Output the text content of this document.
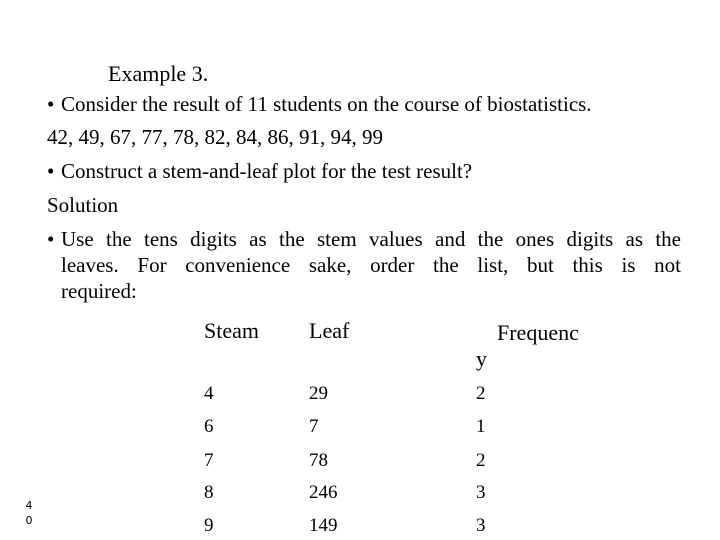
Example 3.
• Consider the result of 11 students on the course of biostatistics.
42, 49, 67, 77, 78, 82, 84, 86, 91, 94, 99
• Construct a stem-and-leaf plot for the test result?
Solution
• Use the tens digits as the stem values and the ones digits as the
leaves. For convenience sake, order the list, but this is not
required:
Steam Leaf	Frequenc
y
4	29	2
6	7	1
7	78	2
8	246	3
9	149	3
4
0
